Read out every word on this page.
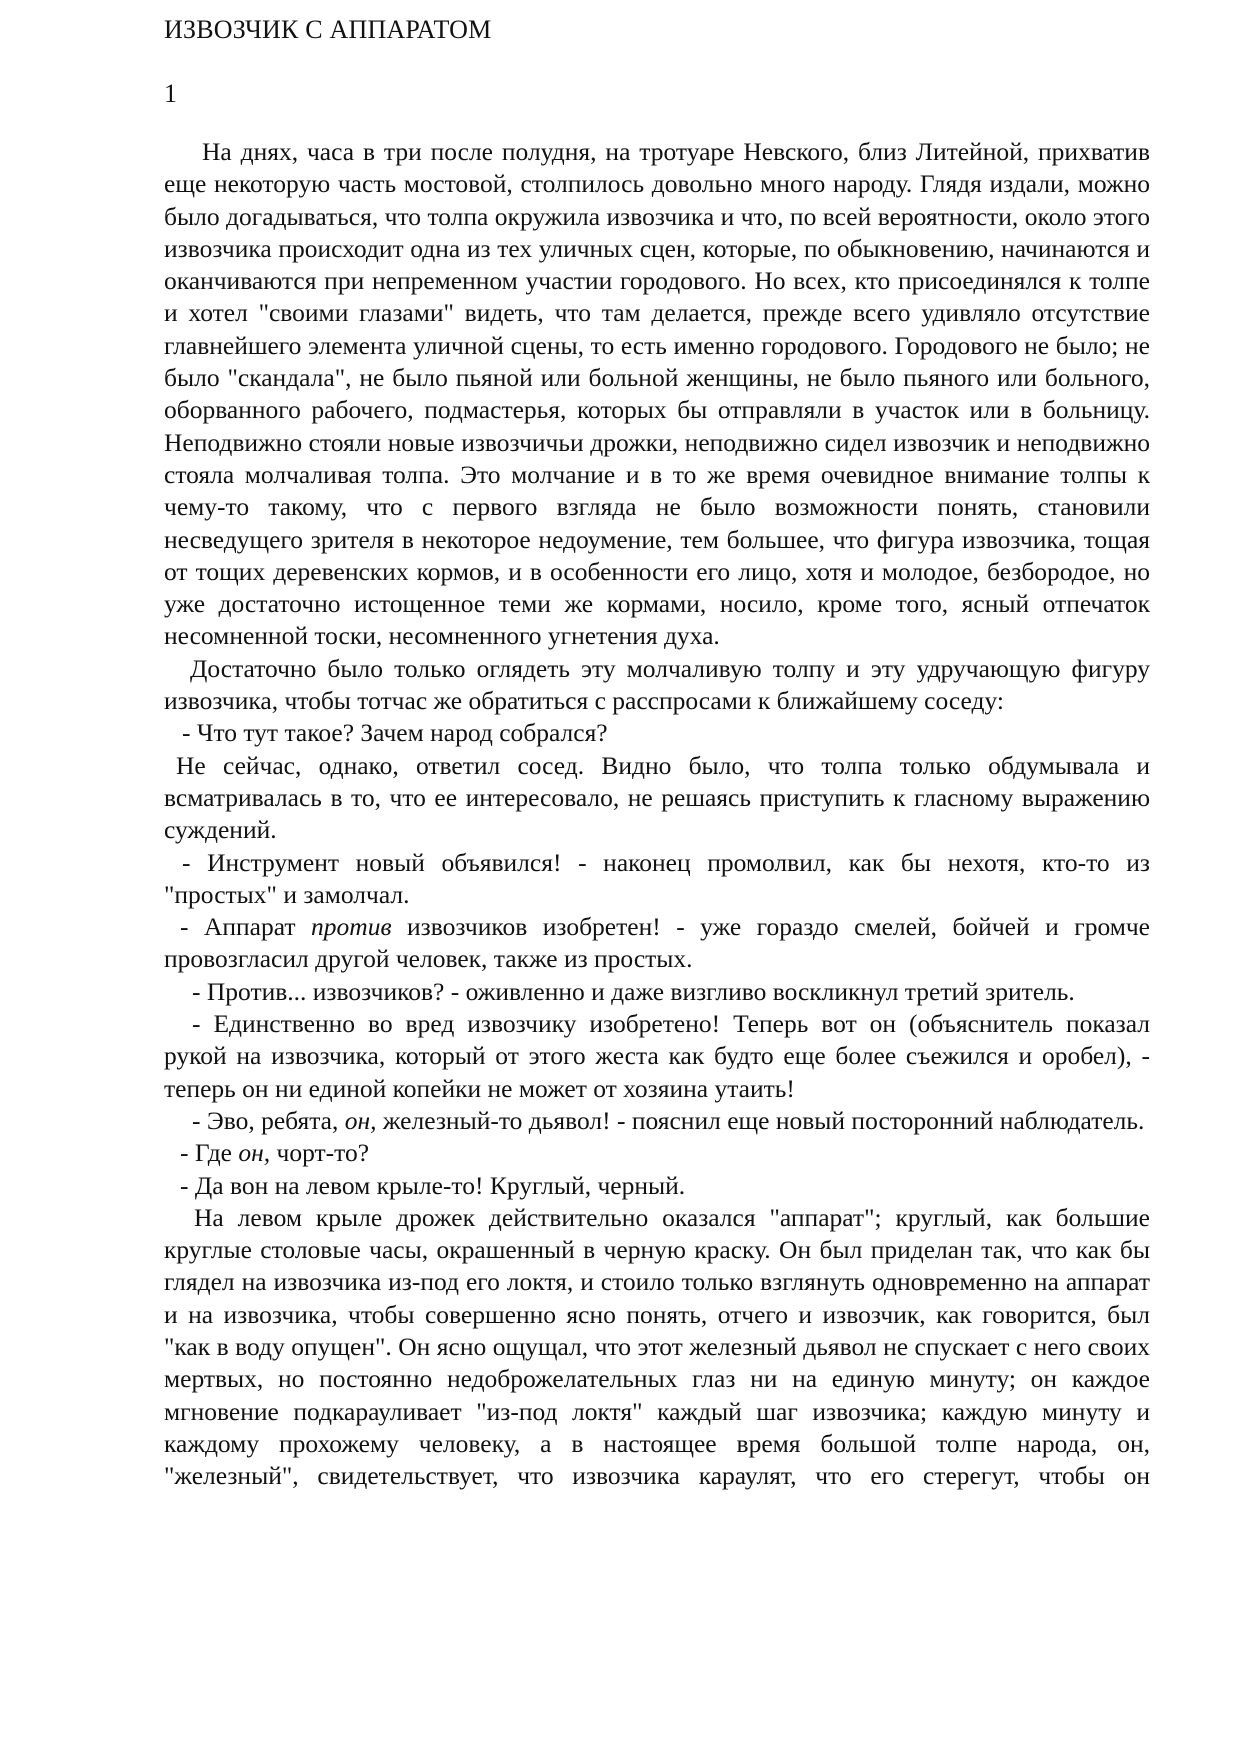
ИЗВОЗЧИК С АППАРАТОМ
1

На днях, часа в три после полудня, на тротуаре Невского, близ Литейной, прихватив еще некоторую часть мостовой, столпилось довольно много народу. Глядя издали, можно было догадываться, что толпа окружила извозчика и что, по всей вероятности, около этого извозчика происходит одна из тех уличных сцен, которые, по обыкновению, начинаются и оканчиваются при непременном участии городового. Но всех, кто присоединялся к толпе и хотел "своими глазами" видеть, что там делается, прежде всего удивляло отсутствие главнейшего элемента уличной сцены, то есть именно городового. Городового не было; не было "скандала", не было пьяной или больной женщины, не было пьяного или больного, оборванного рабочего, подмастерья, которых бы отправляли в участок или в больницу. Неподвижно стояли новые извозчичьи дрожки, неподвижно сидел извозчик и неподвижно стояла молчаливая толпа. Это молчание и в то же время очевидное внимание толпы к чему-то такому, что с первого взгляда не было возможности понять, становили несведущего зрителя в некоторое недоумение, тем большее, что фигура извозчика, тощая от тощих деревенских кормов, и в особенности его лицо, хотя и молодое, безбородое, но уже достаточно истощенное теми же кормами, носило, кроме того, ясный отпечаток несомненной тоски, несомненного угнетения духа.

Достаточно было только оглядеть эту молчаливую толпу и эту удручающую фигуру извозчика, чтобы тотчас же обратиться с расспросами к ближайшему соседу:

- Что тут такое? Зачем народ собрался?

Не сейчас, однако, ответил сосед. Видно было, что толпа только обдумывала и всматривалась в то, что ее интересовало, не решаясь приступить к гласному выражению суждений.

- Инструмент новый объявился! - наконец промолвил, как бы нехотя, кто-то из "простых" и замолчал.

- Аппарат против извозчиков изобретен! - уже гораздо смелей, бойчей и громче провозгласил другой человек, также из простых.

- Против... извозчиков? - оживленно и даже визгливо воскликнул третий зритель.

- Единственно во вред извозчику изобретено! Теперь вот он (объяснитель показал рукой на извозчика, который от этого жеста как будто еще более съежился и оробел), - теперь он ни единой копейки не может от хозяина утаить!

- Эво, ребята, он, железный-то дьявол! - пояснил еще новый посторонний наблюдатель.

- Где он, чорт-то?

- Да вон на левом крыле-то! Круглый, черный.

На левом крыле дрожек действительно оказался "аппарат"; круглый, как большие круглые столовые часы, окрашенный в черную краску. Он был приделан так, что как бы глядел на извозчика из-под его локтя, и стоило только взглянуть одновременно на аппарат и на извозчика, чтобы совершенно ясно понять, отчего и извозчик, как говорится, был "как в воду опущен". Он ясно ощущал, что этот железный дьявол не спускает с него своих мертвых, но постоянно недоброжелательных глаз ни на единую минуту; он каждое мгновение подкарауливает "из-под локтя" каждый шаг извозчика; каждую минуту и каждому прохожему человеку, а в настоящее время большой толпе народа, он, "железный", свидетельствует, что извозчика караулят, что его стерегут, чтобы он
